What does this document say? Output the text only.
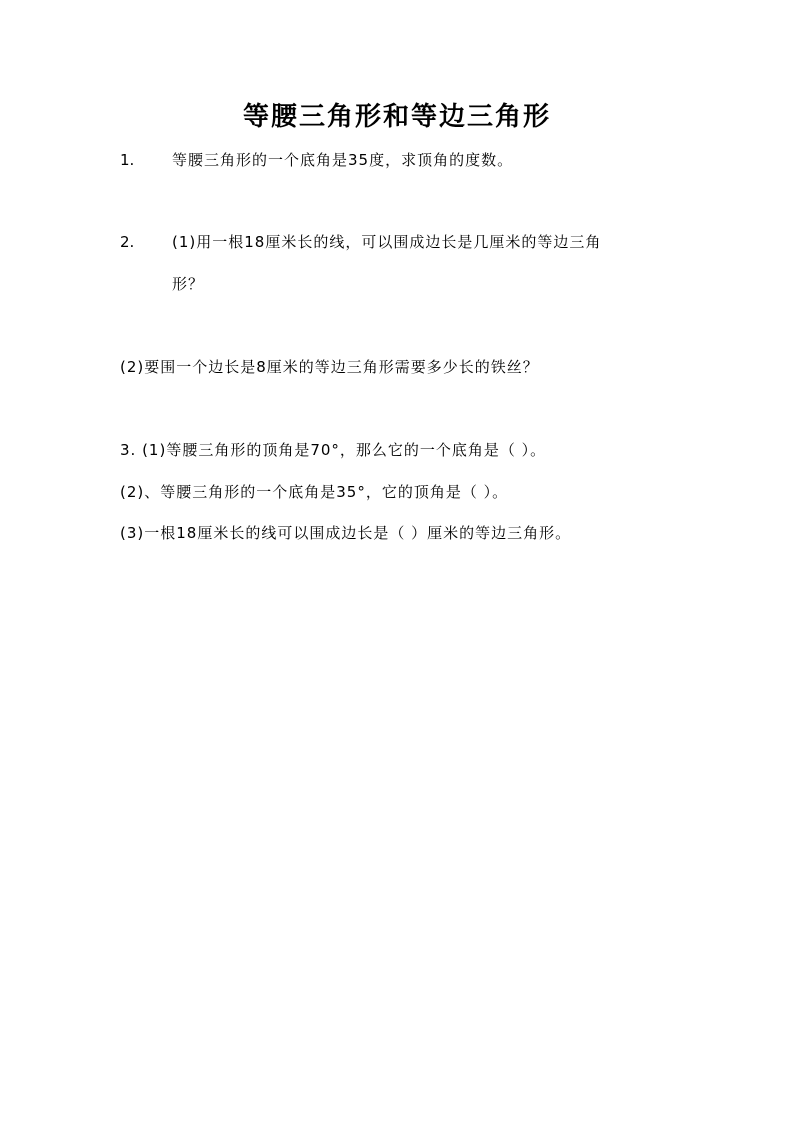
等腰三角形和等边三角形
1.	等腰三角形的一个底角是35度，求顶角的度数。
2.	(1)用一根18厘米长的线，可以围成边长是几厘米的等边三角
形？
(2)要围一个边长是8厘米的等边三角形需要多少长的铁丝？
3. (1)等腰三角形的顶角是70°，那么它的一个底角是（ ）。
(2)、等腰三角形的一个底角是35°，它的顶角是（ ）。
(3)一根18厘米长的线可以围成边长是（ ）厘米的等边三角形。
